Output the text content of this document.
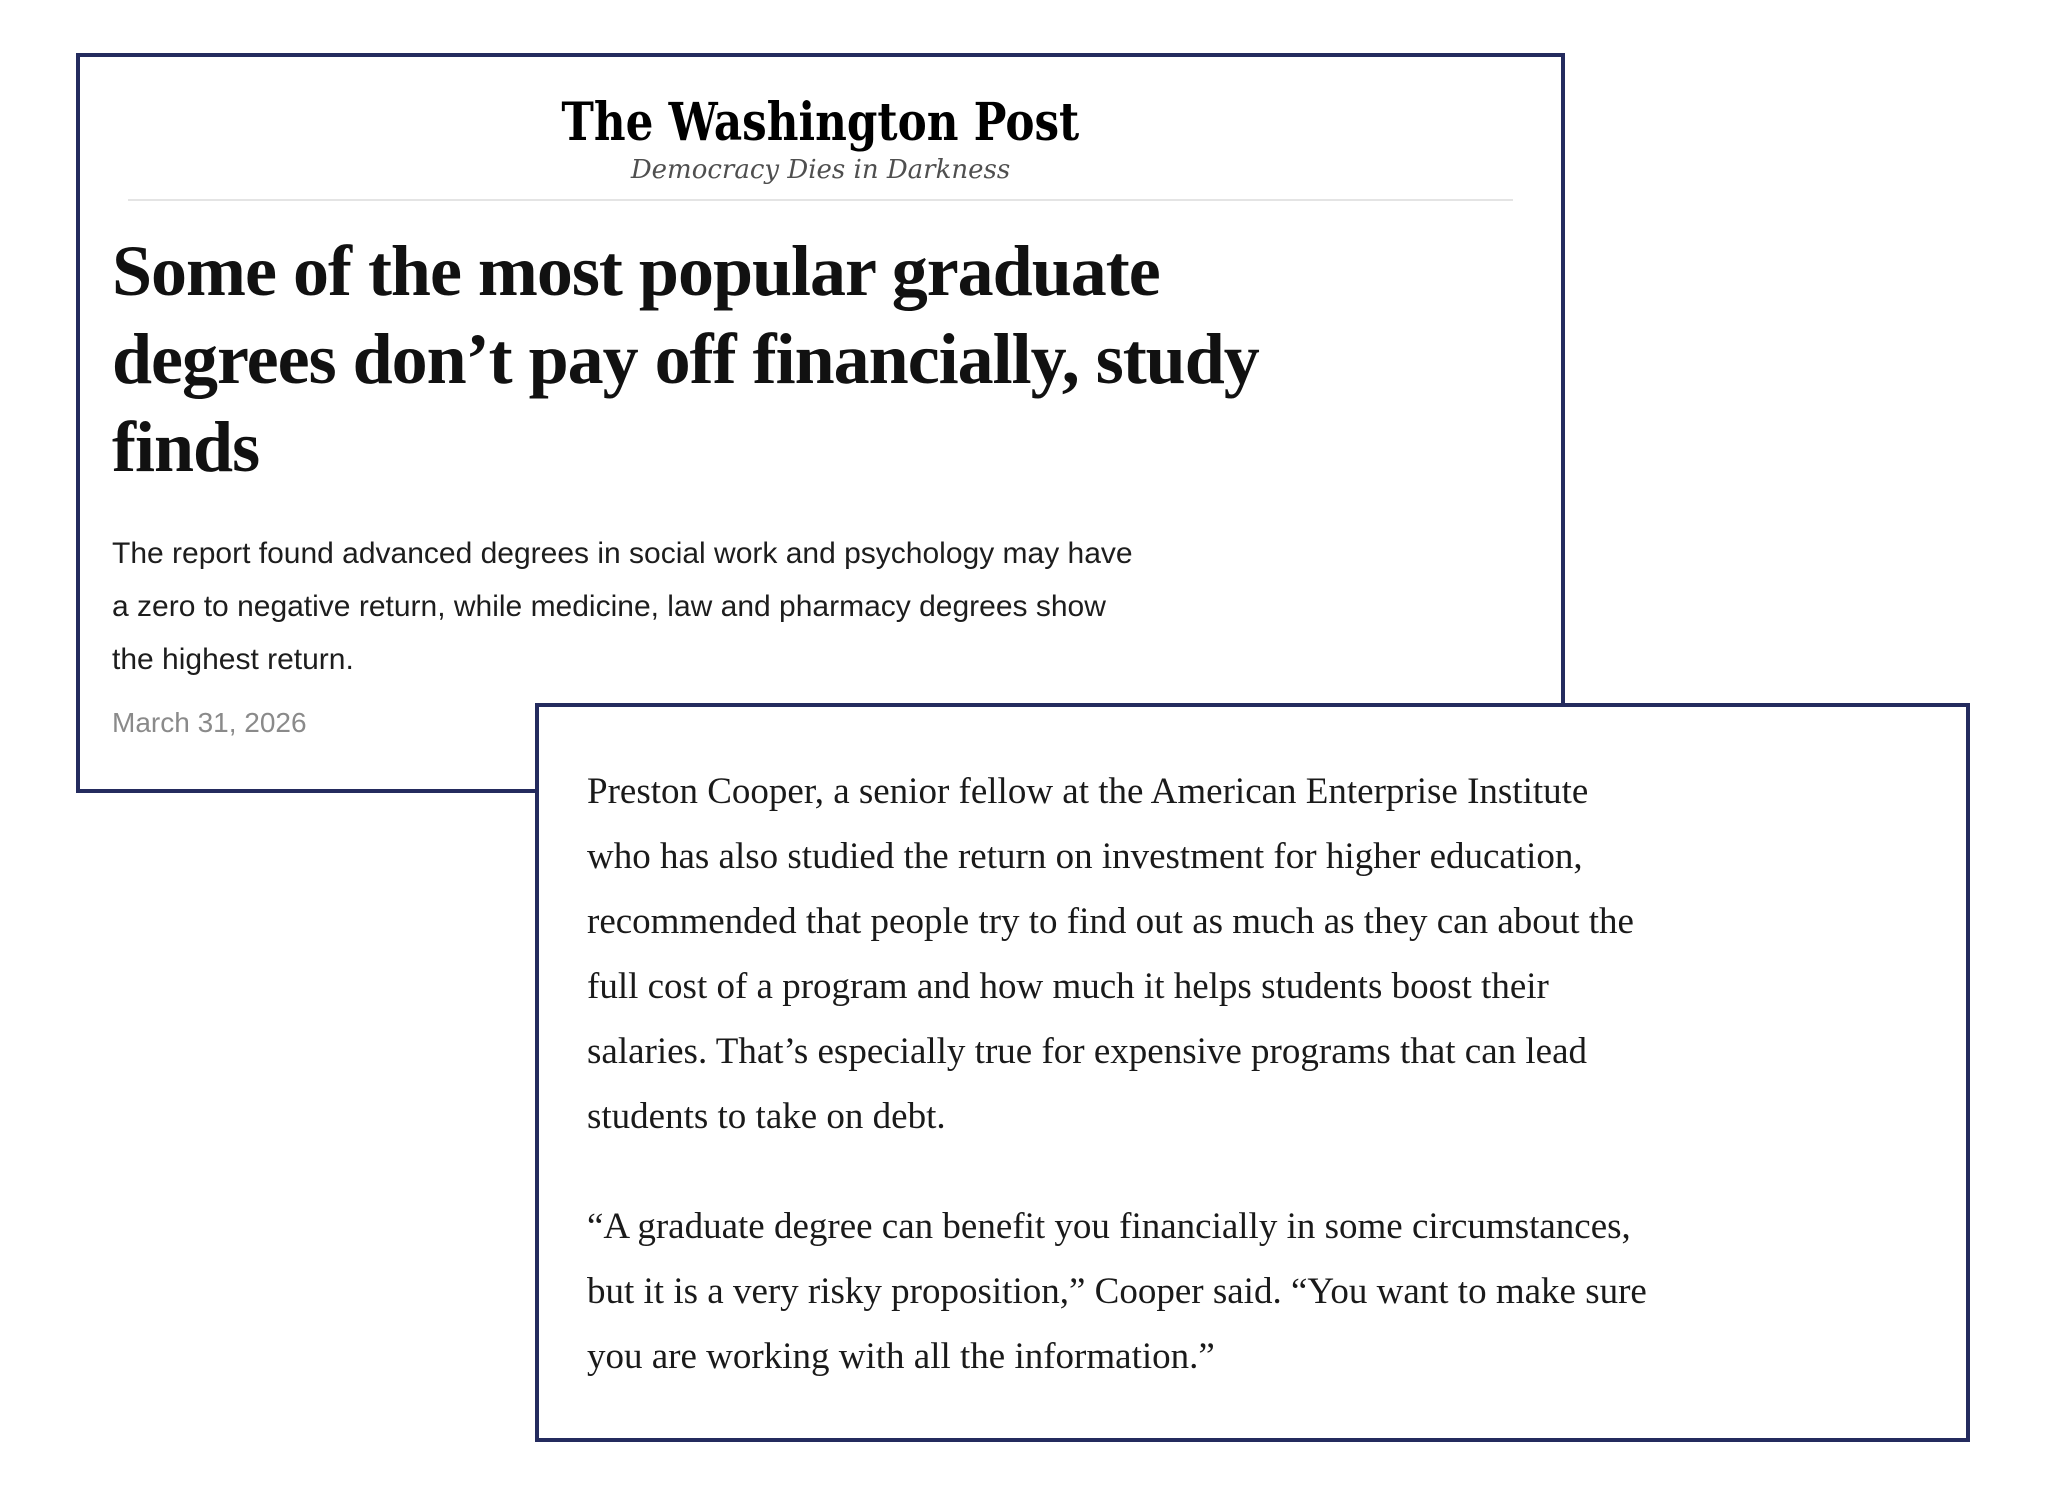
The Washington Post
Democracy Dies in Darkness
Some of the most popular graduate
degrees don’t pay off financially, study
finds

The report found advanced degrees in social work and psychology may have
a zero to negative return, while medicine, law and pharmacy degrees show
the highest return.

March 31, 2026

Preston Cooper, a senior fellow at the American Enterprise Institute
who has also studied the return on investment for higher education,
recommended that people try to find out as much as they can about the
full cost of a program and how much it helps students boost their
salaries. That’s especially true for expensive programs that can lead
students to take on debt.

“A graduate degree can benefit you financially in some circumstances,
but it is a very risky proposition,” Cooper said. “You want to make sure
you are working with all the information.”
